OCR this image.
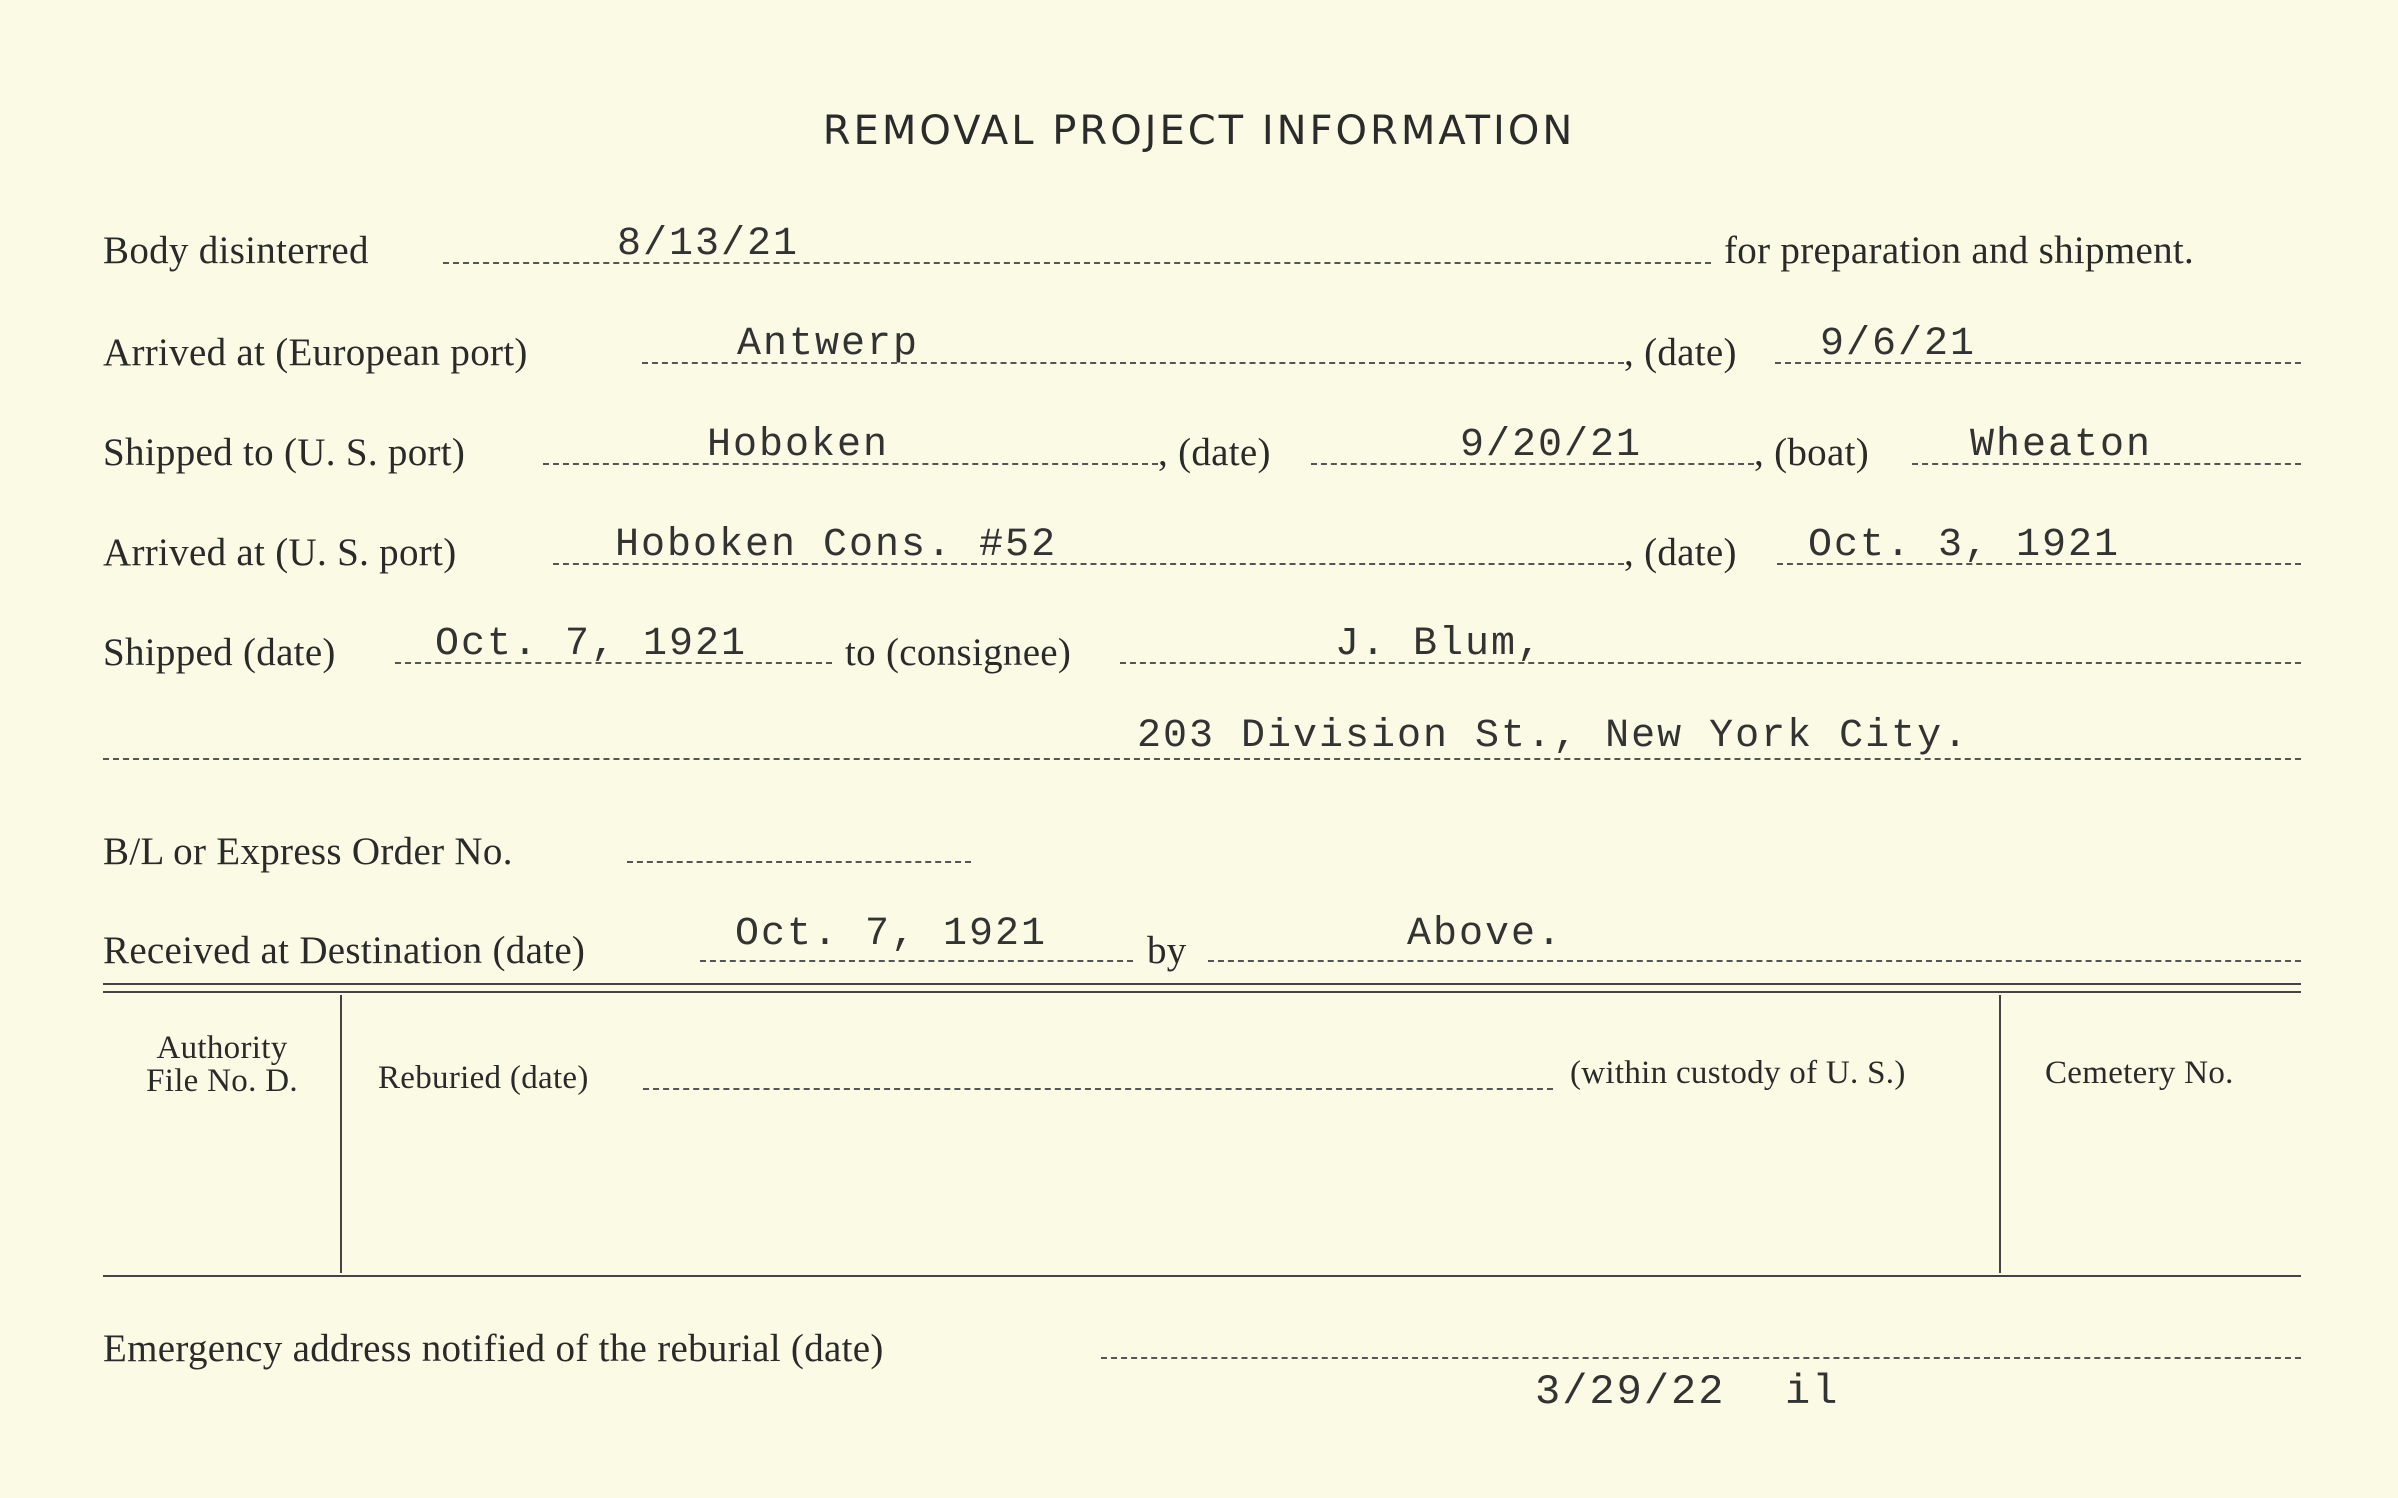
REMOVAL PROJECT INFORMATION
Body disinterred	8/13/21	for preparation and shipment.
Arrived at (European port)	Antwerp	, (date) 9/6/21
Shipped to (U. S. port)	Hoboken	, (date)	9/20/21	, (boat)	Wheaton
Arrived at (U. S. port)	Hoboken Cons. #52	, (date) Oct. 3, 1921
Shipped (date) Oct. 7, 1921	to (consignee)	J. Blum,
203 Division St., New York City.
B/L or Express Order No.
Received at Destination (date)	Oct. 7, 1921	by	Above.
Authority
File No. D.	Reburied (date)	(within custody of U. S.)	Cemetery No.
Emergency address notified of the reburial (date)
3/29/22 il
